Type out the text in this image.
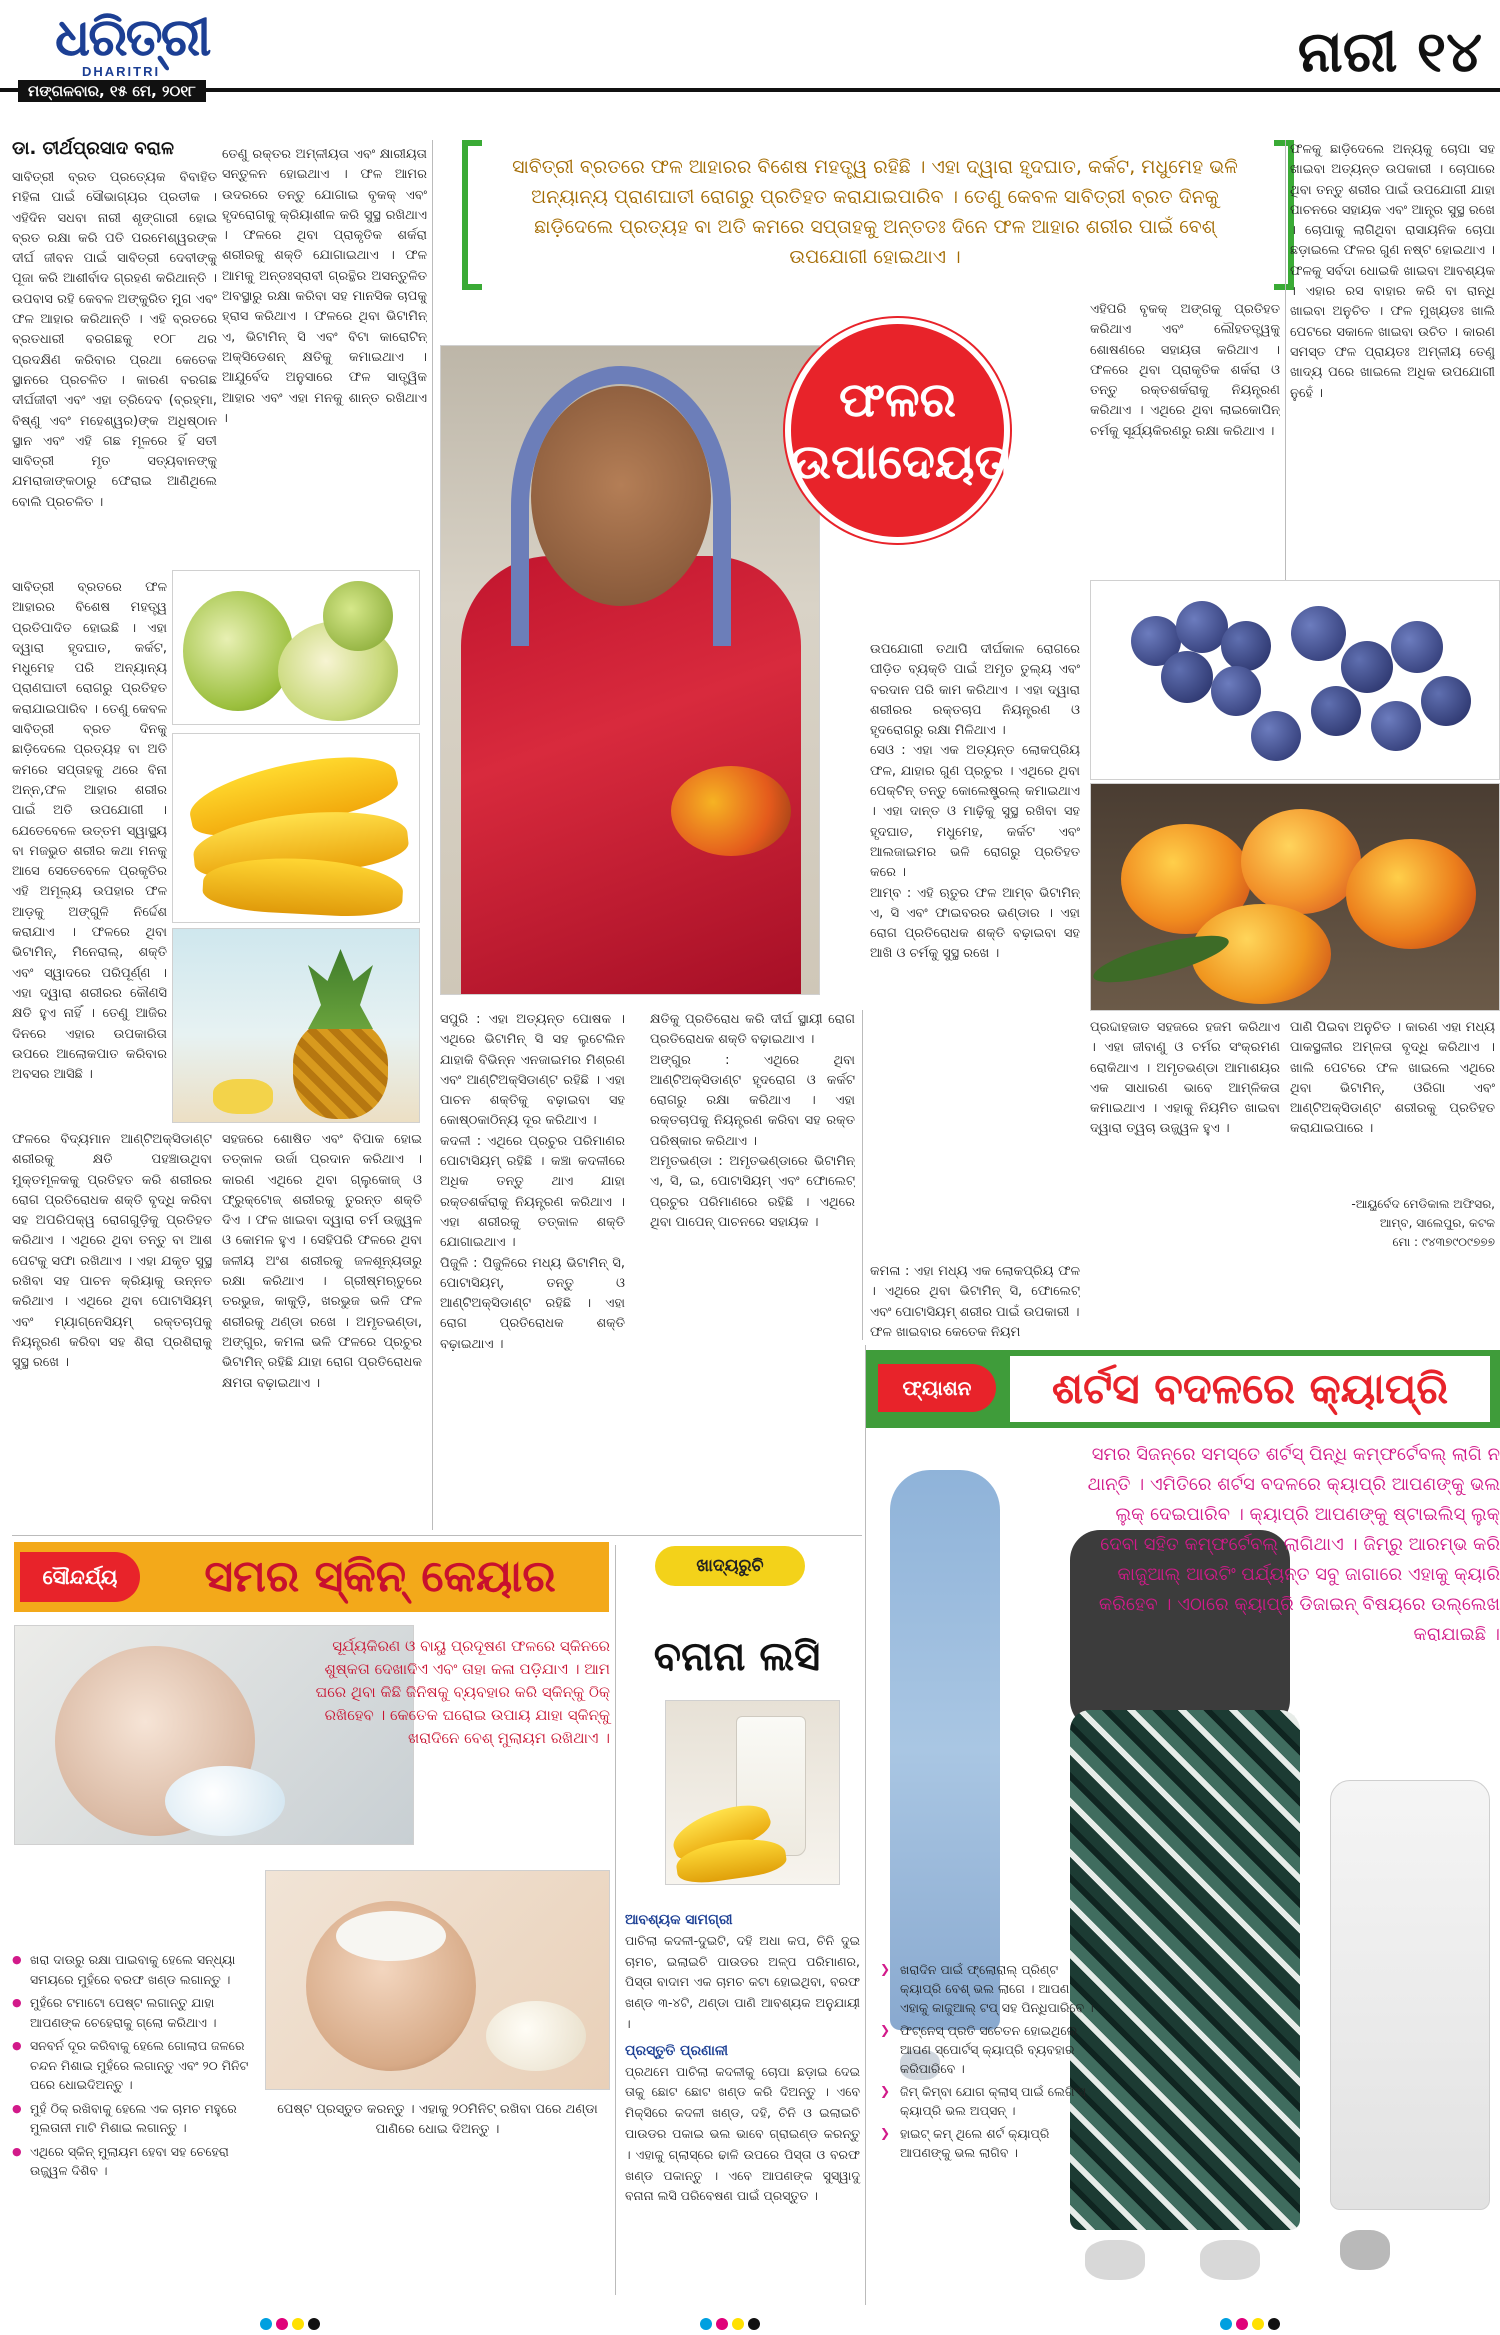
ଧରିତ୍ରୀ
DHARITRI	ନାରୀ ୧୪
ମଙ୍ଗଳବାର, ୧୫ ମେ, ୨୦୧୮
ଡା. ତୀର୍ଥପ୍ରସାଦ ବରାଳ
ସାବିତ୍ରୀ ବ୍ରତରେ ଫଳ ଆହାରର ବିଶେଷ ମହତ୍ତ୍ୱ ରହିଛି । ଏହା ଦ୍ୱାରା ହୃଦଘାତ, କର୍କଟ, ମଧୁମେହ ଭଳି ଅନ୍ୟାନ୍ୟ ପ୍ରାଣଘାତୀ ରୋଗରୁ ପ୍ରତିହତ କରାଯାଇପାରିବ । ତେଣୁ କେବଳ ସାବିତ୍ରୀ ବ୍ରତ ଦିନକୁ ଛାଡ଼ିଦେଲେ ପ୍ରତ୍ୟହ ବା ଅତି କମରେ ସପ୍ତାହକୁ ଅନ୍ତତଃ ଦିନେ ଫଳ ଆହାର ଶରୀର ପାଇଁ ବେଶ୍ ଉପଯୋଗୀ ହୋଇଥାଏ ।

ସାବିତ୍ରୀ ବ୍ରତ ପ୍ରତ୍ୟେକ ବିବାହିତ ମହିଳା ପାଇଁ ସୌଭାଗ୍ୟର ପ୍ରତୀକ । ଏହିଦିନ ସଧବା ନାରୀ ଶୃଙ୍ଗାରୀ ହୋଇ ବ୍ରତ ରକ୍ଷା କରି ପତି ପରମେଶ୍ୱରଙ୍କ ଦୀର୍ଘ ଜୀବନ ପାଇଁ ସାବିତ୍ରୀ ଦେବୀଙ୍କୁ ପୂଜା କରି ଆଶୀର୍ବାଦ ଗ୍ରହଣ କରିଥାନ୍ତି । ଉପବାସ ରହି କେବଳ ଅଙ୍କୁରିତ ମୁଗ ଏବଂ ଫଳ ଆହାର କରିଥାନ୍ତି । ଏହି ବ୍ରତରେ ବ୍ରତଧାରୀ ବରଗଛକୁ ୧୦୮ ଥର ପ୍ରଦକ୍ଷିଣ କରିବାର ପ୍ରଥା କେତେକ ସ୍ଥାନରେ ପ୍ରଚଳିତ । କାରଣ ବରଗଛ ଦୀର୍ଘଜୀବୀ ଏବଂ ଏହା ତ୍ରିଦେବ (ବ୍ରହ୍ମା, ବିଷ୍ଣୁ ଏବଂ ମହେଶ୍ୱର)ଙ୍କ ଅଧିଷ୍ଠାନ ସ୍ଥାନ ଏବଂ ଏହି ଗଛ ମୂଳରେ ହିଁ ସତୀ ସାବିତ୍ରୀ ମୃତ ସତ୍ୟବାନଙ୍କୁ ଯମରାଜାଙ୍କଠାରୁ ଫେରାଇ ଆଣିଥିଲେ ବୋଲି ପ୍ରଚଳିତ ।

ସାବିତ୍ରୀ ବ୍ରତରେ ଫଳ ଆହାରର ବିଶେଷ ମହତ୍ତ୍ୱ ପ୍ରତିପାଦିତ ହୋଇଛି । ଏହା ଦ୍ୱାରା ହୃଦଘାତ, କର୍କଟ, ମଧୁମେହ ପରି ଅନ୍ୟାନ୍ୟ ପ୍ରାଣଘାତୀ ରୋଗରୁ ପ୍ରତିହତ କରାଯାଇପାରିବ । ତେଣୁ କେବଳ ସାବିତ୍ରୀ ବ୍ରତ ଦିନକୁ ଛାଡ଼ିଦେଲେ ପ୍ରତ୍ୟହ ବା ଅତି କମରେ ସପ୍ତାହକୁ ଥରେ ବିନା ଅନ୍ନ,ଫଳ ଆହାର ଶରୀର ପାଇଁ ଅତି ଉପଯୋଗୀ । ଯେତେବେଳେ ଉତ୍ତମ ସ୍ୱାସ୍ଥ୍ୟ ବା ମଜଭୁତ ଶରୀର କଥା ମନକୁ ଆସେ ସେତେବେଳେ ପ୍ରକୃତିର ଏହି ଅମୂଲ୍ୟ ଉପହାର ଫଳ ଆଡ଼କୁ ଅଙ୍ଗୁଳି ନିର୍ଦ୍ଦେଶ କରାଯାଏ । ଫଳରେ ଥିବା ଭିଟାମିନ୍, ମିନେରାଲ୍, ଶକ୍ତି ଏବଂ ସ୍ୱାଦରେ ପରିପୂର୍ଣ୍ଣ । ଏହା ଦ୍ୱାରା ଶରୀରର କୌଣସି କ୍ଷତି ହୁଏ ନାହିଁ । ତେଣୁ ଆଜିର ଦିନରେ ଏହାର ଉପକାରିତା ଉପରେ ଆଲୋକପାତ କରିବାର ଅବସର ଆସିଛି ।

ଫଳରେ ବିଦ୍ୟମାନ ଆଣ୍ଟିଅକ୍ସିଡାଣ୍ଟ ଶରୀରକୁ କ୍ଷତି ପହଞ୍ଚାଉଥିବା ମୁକ୍ତମୂଳକକୁ ପ୍ରତିହତ କରି ଶରୀରର ରୋଗ ପ୍ରତିରୋଧକ ଶକ୍ତି ବୃଦ୍ଧି କରିବା ସହ ଅପରିପକ୍ୱ ରୋଗଗୁଡ଼ିକୁ ପ୍ରତିହତ କରିଥାଏ । ଏଥିରେ ଥିବା ତନ୍ତୁ ବା ଆଶ ପେଟକୁ ସଫା ରଖିଥାଏ । ଏହା ଯକୃତ ସୁସ୍ଥ ରଖିବା ସହ ପାଚନ କ୍ରିୟାକୁ ଉନ୍ନତ କରିଥାଏ । ଏଥିରେ ଥିବା ପୋଟାସିୟମ୍ ଏବଂ ମ୍ୟାଗ୍ନେସିୟମ୍ ରକ୍ତଚାପକୁ ନିୟନ୍ତ୍ରଣ କରିବା ସହ ଶିରା ପ୍ରଶିରାକୁ ସୁସ୍ଥ ରଖେ ।

ତେଣୁ ରକ୍ତର ଅମ୍ଳୀୟତା ଏବଂ କ୍ଷାରୀୟତା ସନ୍ତୁଳନ ହୋଇଥାଏ । ଫଳ ଆମର ଉଦରରେ ତନ୍ତୁ ଯୋଗାଇ ବୃକକ୍ ଏବଂ ହୃଦରୋଗକୁ କ୍ରିୟାଶୀଳ କରି ସୁସ୍ଥ ରଖିଥାଏ । ଫଳରେ ଥିବା ପ୍ରାକୃତିକ ଶର୍କରା ଶରୀରକୁ ଶକ୍ତି ଯୋଗାଇଥାଏ । ଫଳ ଆମକୁ ଅନ୍ତଃସ୍ରାବୀ ଗ୍ରନ୍ଥିର ଅସନ୍ତୁଳିତ ଅବସ୍ଥାରୁ ରକ୍ଷା କରିବା ସହ ମାନସିକ ଚାପକୁ ହ୍ରାସ କରିଥାଏ । ଫଳରେ ଥିବା ଭିଟାମିନ୍ ଏ, ଭିଟାମିନ୍ ସି ଏବଂ ବିଟା କାରୋଟିନ୍ ଅକ୍ସିଡେଶନ୍ କ୍ଷତିକୁ କମାଇଥାଏ । ଆଯୁର୍ବେଦ ଅନୁସାରେ ଫଳ ସାତ୍ତ୍ୱିକ ଆହାର ଏବଂ ଏହା ମନକୁ ଶାନ୍ତ ରଖିଥାଏ ।

ସହଜରେ ଶୋଷିତ ଏବଂ ବିପାକ ହୋଇ ତତ୍କାଳ ଉର୍ଜା ପ୍ରଦାନ କରିଥାଏ । କାରଣ ଏଥିରେ ଥିବା ଗ୍ଲୁକୋଜ୍ ଓ ଫ୍ରୁକ୍ଟୋଜ୍ ଶରୀରକୁ ତୁରନ୍ତ ଶକ୍ତି ଦିଏ । ଫଳ ଖାଇବା ଦ୍ୱାରା ଚର୍ମ ଉଜ୍ଜ୍ୱଳ ଓ କୋମଳ ହୁଏ । ସେହିପରି ଫଳରେ ଥିବା ଜଳୀୟ ଅଂଶ ଶରୀରକୁ ଜଳଶୂନ୍ୟତାରୁ ରକ୍ଷା କରିଥାଏ । ଗ୍ରୀଷ୍ମଋତୁରେ ତରଭୁଜ, କାକୁଡ଼ି, ଖରଭୁଜ ଭଳି ଫଳ ଶରୀରକୁ ଥଣ୍ଡା ରଖେ । ଅମୃତଭଣ୍ଡା, ଅଙ୍ଗୁର, କମଳା ଭଳି ଫଳରେ ପ୍ରଚୁର ଭିଟାମିନ୍ ରହିଛି ଯାହା ରୋଗ ପ୍ରତିରୋଧକ କ୍ଷମତା ବଢ଼ାଇଥାଏ ।

ଫଳର ଉପାଦେୟତା

ସପୁରି : ଏହା ଅତ୍ୟନ୍ତ ପୋଷକ । ଏଥିରେ ଭିଟାମିନ୍ ସି ସହ ଲୁଟେଲିନ ଯାହାକି ବିଭିନ୍ନ ଏନଜାଇମର ମିଶ୍ରଣ ଏବଂ ଆଣ୍ଟିଅକ୍ସିଡାଣ୍ଟ ରହିଛି । ଏହା ପାଚନ ଶକ୍ତିକୁ ବଢ଼ାଇବା ସହ କୋଷ୍ଠକାଠିନ୍ୟ ଦୂର କରିଥାଏ ।
କଦଳୀ : ଏଥିରେ ପ୍ରଚୁର ପରିମାଣର ପୋଟାସିୟମ୍ ରହିଛି । କଞ୍ଚା କଦଳୀରେ ଅଧିକ ତନ୍ତୁ ଥାଏ ଯାହା ରକ୍ତଶର୍କରାକୁ ନିୟନ୍ତ୍ରଣ କରିଥାଏ । ଏହା ଶରୀରକୁ ତତ୍କାଳ ଶକ୍ତି ଯୋଗାଇଥାଏ ।
ପିଜୁଳି : ପିଜୁଳିରେ ମଧ୍ୟ ଭିଟାମିନ୍ ସି, ପୋଟାସିୟମ୍, ତନ୍ତୁ ଓ ଆଣ୍ଟିଅକ୍ସିଡାଣ୍ଟ ରହିଛି । ଏହା ରୋଗ ପ୍ରତିରୋଧକ ଶକ୍ତି ବଢ଼ାଇଥାଏ ।

କ୍ଷତିକୁ ପ୍ରତିରୋଧ କରି ଦୀର୍ଘ ସ୍ଥାୟୀ ରୋଗ ପ୍ରତିରୋଧକ ଶକ୍ତି ବଢ଼ାଇଥାଏ ।
ଅଙ୍ଗୁର : ଏଥିରେ ଥିବା ଆଣ୍ଟିଅକ୍ସିଡାଣ୍ଟ ହୃଦରୋଗ ଓ କର୍କଟ ରୋଗରୁ ରକ୍ଷା କରିଥାଏ । ଏହା ରକ୍ତଚାପକୁ ନିୟନ୍ତ୍ରଣ କରିବା ସହ ରକ୍ତ ପରିଷ୍କାର କରିଥାଏ ।
ଅମୃତଭଣ୍ଡା : ଅମୃତଭଣ୍ଡାରେ ଭିଟାମିନ୍ ଏ, ସି, ଇ, ପୋଟାସିୟମ୍ ଏବଂ ଫୋଲେଟ୍ ପ୍ରଚୁର ପରିମାଣରେ ରହିଛି । ଏଥିରେ ଥିବା ପାପେନ୍ ପାଚନରେ ସହାୟକ ।

ଉପଯୋଗୀ ତଥାପି ଦୀର୍ଘକାଳ ରୋଗରେ ପୀଡ଼ିତ ବ୍ୟକ୍ତି ପାଇଁ ଅମୃତ ତୁଲ୍ୟ ଏବଂ ବରଦାନ ପରି କାମ କରିଥାଏ । ଏହା ଦ୍ୱାରା ଶରୀରର ରକ୍ତଚାପ ନିୟନ୍ତ୍ରଣ ଓ ହୃଦରୋଗରୁ ରକ୍ଷା ମିଳିଥାଏ ।
ସେଓ : ଏହା ଏକ ଅତ୍ୟନ୍ତ ଲୋକପ୍ରିୟ ଫଳ, ଯାହାର ଗୁଣ ପ୍ରଚୁର । ଏଥିରେ ଥିବା ପେକ୍ଟିନ୍ ତନ୍ତୁ କୋଲେଷ୍ଟ୍ରଲ୍ କମାଇଥାଏ । ଏହା ଦାନ୍ତ ଓ ମାଢ଼ିକୁ ସୁସ୍ଥ ରଖିବା ସହ ହୃଦଘାତ, ମଧୁମେହ, କର୍କଟ ଏବଂ ଆଲଜାଇମର ଭଳି ରୋଗରୁ ପ୍ରତିହତ କରେ ।
ଆମ୍ବ : ଏହି ଋତୁର ଫଳ ଆମ୍ବ ଭିଟାମିନ୍ ଏ, ସି ଏବଂ ଫାଇବରର ଭଣ୍ଡାର । ଏହା ରୋଗ ପ୍ରତିରୋଧକ ଶକ୍ତି ବଢ଼ାଇବା ସହ ଆଖି ଓ ଚର୍ମକୁ ସୁସ୍ଥ ରଖେ ।

କମଳା : ଏହା ମଧ୍ୟ ଏକ ଲୋକପ୍ରିୟ ଫଳ । ଏଥିରେ ଥିବା ଭିଟାମିନ୍ ସି, ଫୋଲେଟ୍ ଏବଂ ପୋଟାସିୟମ୍ ଶରୀର ପାଇଁ ଉପକାରୀ ।
ଫଳ ଖାଇବାର କେତେକ ନିୟମ

ଏହିପରି ବୃକକ୍ ଅଙ୍ଗକୁ ପ୍ରତିହତ କରିଥାଏ ଏବଂ ଲୌହତତ୍ତ୍ୱକୁ ଶୋଷଣରେ ସହାୟତା କରିଥାଏ । ଫଳରେ ଥିବା ପ୍ରାକୃତିକ ଶର୍କରା ଓ ତନ୍ତୁ ରକ୍ତଶର୍କରାକୁ ନିୟନ୍ତ୍ରଣ କରିଥାଏ । ଏଥିରେ ଥିବା ଲାଇକୋପିନ୍ ଚର୍ମକୁ ସୂର୍ଯ୍ୟକିରଣରୁ ରକ୍ଷା କରିଥାଏ ।

ପ୍ରଦ୍ଦାହଜାତ ସହଜରେ ହଜମ କରିଥାଏ । ଏହା ଜୀବାଣୁ ଓ ଚର୍ମର ସଂକ୍ରମଣ ରୋକିଥାଏ । ଅମୃତଭଣ୍ଡା ଆମାଶୟର ଏକ ସାଧାରଣ ଭାବେ ଆମ୍ଳିକତା କମାଇଥାଏ । ଏହାକୁ ନିୟମିତ ଖାଇବା ଦ୍ୱାରା ତ୍ୱଚା ଉଜ୍ଜ୍ୱଳ ହୁଏ ।

ଫଳକୁ ଛାଡ଼ିଦେଲେ ଅନ୍ୟକୁ ଚୋପା ସହ ଖାଇବା ଅତ୍ୟନ୍ତ ଉପକାରୀ । ଚୋପାରେ ଥିବା ତନ୍ତୁ ଶରୀର ପାଇଁ ଉପଯୋଗୀ ଯାହା ପାଚନରେ ସହାୟକ ଏବଂ ଆନ୍ତ୍ର ସୁସ୍ଥ ରଖେ । ଚୋପାକୁ ଲାଗିଥିବା ରାସାୟନିକ ଚୋପା ଛଡ଼ାଇଲେ ଫଳର ଗୁଣ ନଷ୍ଟ ହୋଇଥାଏ । ଫଳକୁ ସର୍ବଦା ଧୋଇକି ଖାଇବା ଆବଶ୍ୟକ । ଏହାର ରସ ବାହାର କରି ବା ରାନ୍ଧି ଖାଇବା ଅନୁଚିତ । ଫଳ ମୁଖ୍ୟତଃ ଖାଲି ପେଟରେ ସକାଳେ ଖାଇବା ଉଚିତ । କାରଣ ସମସ୍ତ ଫଳ ପ୍ରାୟତଃ ଅମ୍ଳୀୟ ତେଣୁ ଖାଦ୍ୟ ପରେ ଖାଇଲେ ଅଧିକ ଉପଯୋଗୀ ନୁହେଁ ।

ପାଣି ପିଇବା ଅନୁଚିତ । କାରଣ ଏହା ମଧ୍ୟ ପାକସ୍ଥଳୀର ଅମ୍ଳତା ବୃଦ୍ଧି କରିଥାଏ । ଖାଲି ପେଟରେ ଫଳ ଖାଇଲେ ଏଥିରେ ଥିବା ଭିଟାମିନ୍, ଓରିଗା ଏବଂ ଆଣ୍ଟିଅକ୍ସିଡାଣ୍ଟ ଶରୀରକୁ ପ୍ରତିହତ କରାଯାଇପାରେ ।

-ଆୟୁର୍ବେଦ ମେଡିକାଲ ଅଫିସର,
ଆମ୍ବ, ସାଲେପୁର, କଟକ
ମୋ : ୯୪୩୭୯୦୯୭୭୭
ଫ୍ୟାଶନ	ଶର୍ଟସ ବଦଳରେ କ୍ୟାପ୍ରି
ସମର ସିଜନ୍‌ରେ ସମସ୍ତେ ଶର୍ଟସ୍ ପିନ୍ଧି କମ୍ଫର୍ଟେବଲ୍ ଲାଗି ନ ଥାନ୍ତି । ଏମିତିରେ ଶର୍ଟସ ବଦଳରେ କ୍ୟାପ୍ରି ଆପଣଙ୍କୁ ଭଲ ଲୁକ୍ ଦେଇପାରିବ । କ୍ୟାପ୍ରି ଆପଣଙ୍କୁ ଷ୍ଟାଇଲିସ୍ ଲୁକ୍ ଦେବା ସହିତ କମ୍ଫର୍ଟେବଲ୍ ଲାଗିଥାଏ । ଜିମ୍‌ରୁ ଆରମ୍ଭ କରି କାଜୁଆଲ୍ ଆଉଟିଂ ପର୍ଯ୍ୟନ୍ତ ସବୁ ଜାଗାରେ ଏହାକୁ କ୍ୟାରି କରିହେବ । ଏଠାରେ କ୍ୟାପ୍ରି ଡିଜାଇନ୍ ବିଷୟରେ ଉଲ୍ଲେଖ କରାଯାଇଛି ।
❯ ଖରାଦିନ ପାଇଁ ଫ୍ଲୋରାଲ୍ ପ୍ରିଣ୍ଟ କ୍ୟାପ୍ରି ବେଶ୍ ଭଲ ଲାଗେ । ଆପଣ ଏହାକୁ କାଜୁଆଲ୍ ଟପ୍ ସହ ପିନ୍ଧିପାରିବେ ।
❯ ଫିଟ୍‌ନେସ୍ ପ୍ରତି ସଚେତନ ହୋଇଥିଲେ ଆପଣ ସ୍ପୋର୍ଟସ୍ କ୍ୟାପ୍ରି ବ୍ୟବହାର କରିପାରିବେ ।
❯ ଜିମ୍ କିମ୍ବା ଯୋଗ କ୍ଲାସ୍ ପାଇଁ ଲେଗିଂସ୍ କ୍ୟାପ୍ରି ଭଲ ଅପ୍ସନ୍ ।
❯ ହାଇଟ୍ କମ୍ ଥିଲେ ଶର୍ଟ କ୍ୟାପ୍ରି ଆପଣଙ୍କୁ ଭଲ ଲାଗିବ ।
ସୌନ୍ଦର୍ଯ୍ୟ	ସମର ସ୍କିନ୍ କେୟାର
ସୂର୍ଯ୍ୟକିରଣ ଓ ବାୟୁ ପ୍ରଦୂଷଣ ଫଳରେ ସ୍କିନରେ ଶୁଷ୍କତା ଦେଖାଦିଏ ଏବଂ ତାହା କଳା ପଡ଼ିଯାଏ । ଆମ ଘରେ ଥିବା କିଛି ଜିନିଷକୁ ବ୍ୟବହାର କରି ସ୍କିନ୍‌କୁ ଠିକ୍ ରଖିହେବ । କେତେକ ଘରୋଇ ଉପାୟ ଯାହା ସ୍କିନ୍‌କୁ ଖରାଦିନେ ବେଶ୍ ମୁଲାୟମ ରଖିଥାଏ ।
● ଖରା ଦାଉରୁ ରକ୍ଷା ପାଇବାକୁ ହେଲେ ସନ୍ଧ୍ୟା ସମୟରେ ମୁହଁରେ ବରଫ ଖଣ୍ଡ ଲଗାନ୍ତୁ ।
● ମୁହଁରେ ଟମାଟୋ ପେଷ୍ଟ ଲଗାନ୍ତୁ ଯାହା ଆପଣଙ୍କ ଚେହେରାକୁ ଗ୍ଲୋ କରିଥାଏ ।
● ସନବର୍ନ ଦୂର କରିବାକୁ ହେଲେ ଗୋଲାପ ଜଳରେ ଚନ୍ଦନ ମିଶାଇ ମୁହଁରେ ଲଗାନ୍ତୁ ଏବଂ ୨୦ ମିନିଟ ପରେ ଧୋଇଦିଅନ୍ତୁ ।
● ମୁହଁ ଠିକ୍ ରଖିବାକୁ ହେଲେ ଏକ ଚାମଚ ମହୁରେ ମୁଲତାନୀ ମାଟି ମିଶାଇ ଲଗାନ୍ତୁ ।
● ଏଥିରେ ସ୍କିନ୍ ମୁଲାୟମ ହେବା ସହ ଚେହେରା ଉଜ୍ଜ୍ୱଳ ଦିଶିବ ।
ପେଷ୍ଟ ପ୍ରସ୍ତୁତ କରନ୍ତୁ । ଏହାକୁ ୨୦ମିନିଟ୍ ରଖିବା ପରେ ଥଣ୍ଡା ପାଣିରେ ଧୋଇ ଦିଅନ୍ତୁ ।
ଖାଦ୍ୟରୁଚି
ବନାନା ଲସି
ଆବଶ୍ୟକ ସାମଗ୍ରୀ
ପାଚିଲା କଦଳୀ-ଦୁଇଟି, ଦହି ଅଧା କପ, ଚିନି ଦୁଇ ଚାମଚ, ଇଲାଇଚି ପାଉଡର ଅଳ୍ପ ପରିମାଣର, ପିସ୍ତା ବାଦାମ ଏକ ଚାମଚ କଟା ହୋଇଥିବା, ବରଫ ଖଣ୍ଡ ୩-୪ଟି, ଥଣ୍ଡା ପାଣି ଆବଶ୍ୟକ ଅନୁଯାୟୀ ।
ପ୍ରସ୍ତୁତି ପ୍ରଣାଳୀ
ପ୍ରଥମେ ପାଚିଲା କଦଳୀକୁ ଚୋପା ଛଡ଼ାଇ ଦେଇ ତାକୁ ଛୋଟ ଛୋଟ ଖଣ୍ଡ କରି ଦିଅନ୍ତୁ । ଏବେ ମିକ୍ସିରେ କଦଳୀ ଖଣ୍ଡ, ଦହି, ଚିନି ଓ ଇଲାଇଚି ପାଉଡର ପକାଇ ଭଲ ଭାବେ ଗ୍ରାଇଣ୍ଡ କରନ୍ତୁ । ଏହାକୁ ଗ୍ଲାସ୍‌ରେ ଢାଳି ଉପରେ ପିସ୍ତା ଓ ବରଫ ଖଣ୍ଡ ପକାନ୍ତୁ । ଏବେ ଆପଣଙ୍କ ସୁସ୍ୱାଦୁ ବନାନା ଲସି ପରିବେଷଣ ପାଇଁ ପ୍ରସ୍ତୁତ ।
